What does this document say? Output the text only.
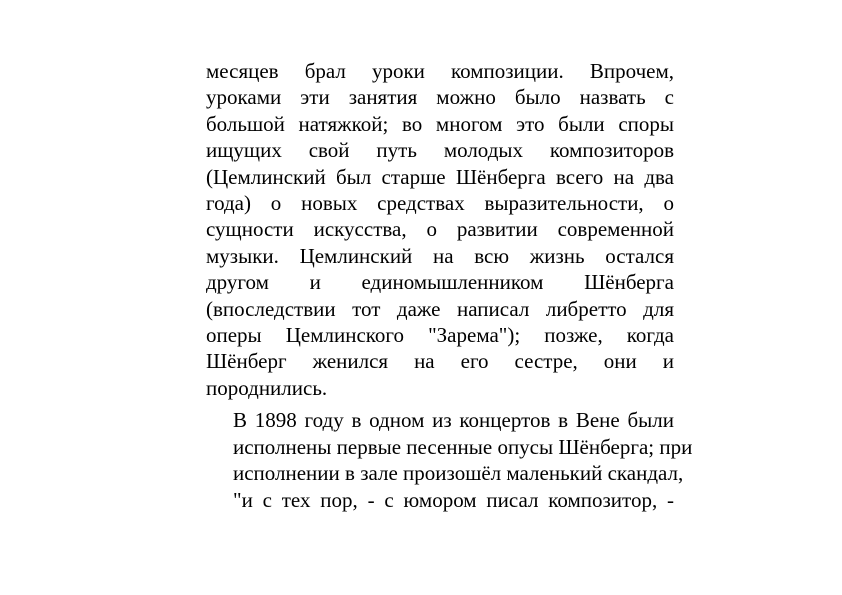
месяцев брал уроки композиции. Впрочем,
уроками эти занятия можно было назвать с
большой натяжкой; во многом это были споры
ищущих свой путь молодых композиторов
(Цемлинский был старше Шёнберга всего на два
года) о новых средствах выразительности, о
сущности искусства, о развитии современной
музыки. Цемлинский на всю жизнь остался
другом и единомышленником Шёнберга
(впоследствии тот даже написал либретто для
оперы Цемлинского "Зарема"); позже, когда
Шёнберг женился на его сестре, они и
породнились.

В 1898 году в одном из концертов в Вене были
исполнены первые песенные опусы Шёнберга; при
исполнении в зале произошёл маленький скандал,
"и с тех пор, - с юмором писал композитор, -
